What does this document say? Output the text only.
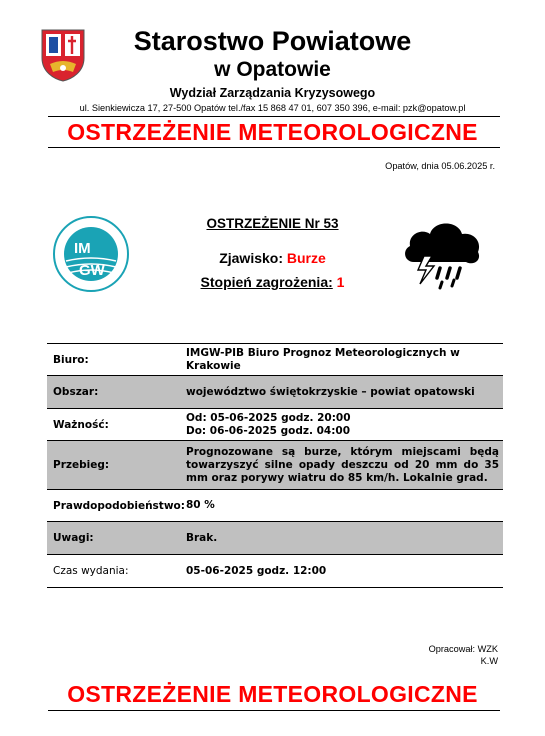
Starostwo Powiatowe
w Opatowie
Wydział Zarządzania Kryzysowego
ul. Sienkiewicza 17, 27-500 Opatów tel./fax 15 868 47 01, 607 350 396, e-mail: pzk@opatow.pl
OSTRZEŻENIE METEOROLOGICZNE
Opatów, dnia 05.06.2025 r.
IM
GW
OSTRZEŻENIE Nr 53
Zjawisko: Burze
Stopień zagrożenia: 1
Biuro:
IMGW-PIB Biuro Prognoz Meteorologicznych w Krakowie
Obszar:	województwo świętokrzyskie – powiat opatowski
Ważność:
Od: 05-06-2025 godz. 20:00
Do: 06-06-2025 godz. 04:00
Przebieg:
Prognozowane są burze, którym miejscami będą towarzyszyć silne opady deszczu od 20 mm do 35 mm oraz porywy wiatru do 85 km/h. Lokalnie grad.
Prawdopodobieństwo: 80 %
Uwagi:	Brak.
Czas wydania:	05-06-2025 godz. 12:00
Opracował: WZK
K.W
OSTRZEŻENIE METEOROLOGICZNE
